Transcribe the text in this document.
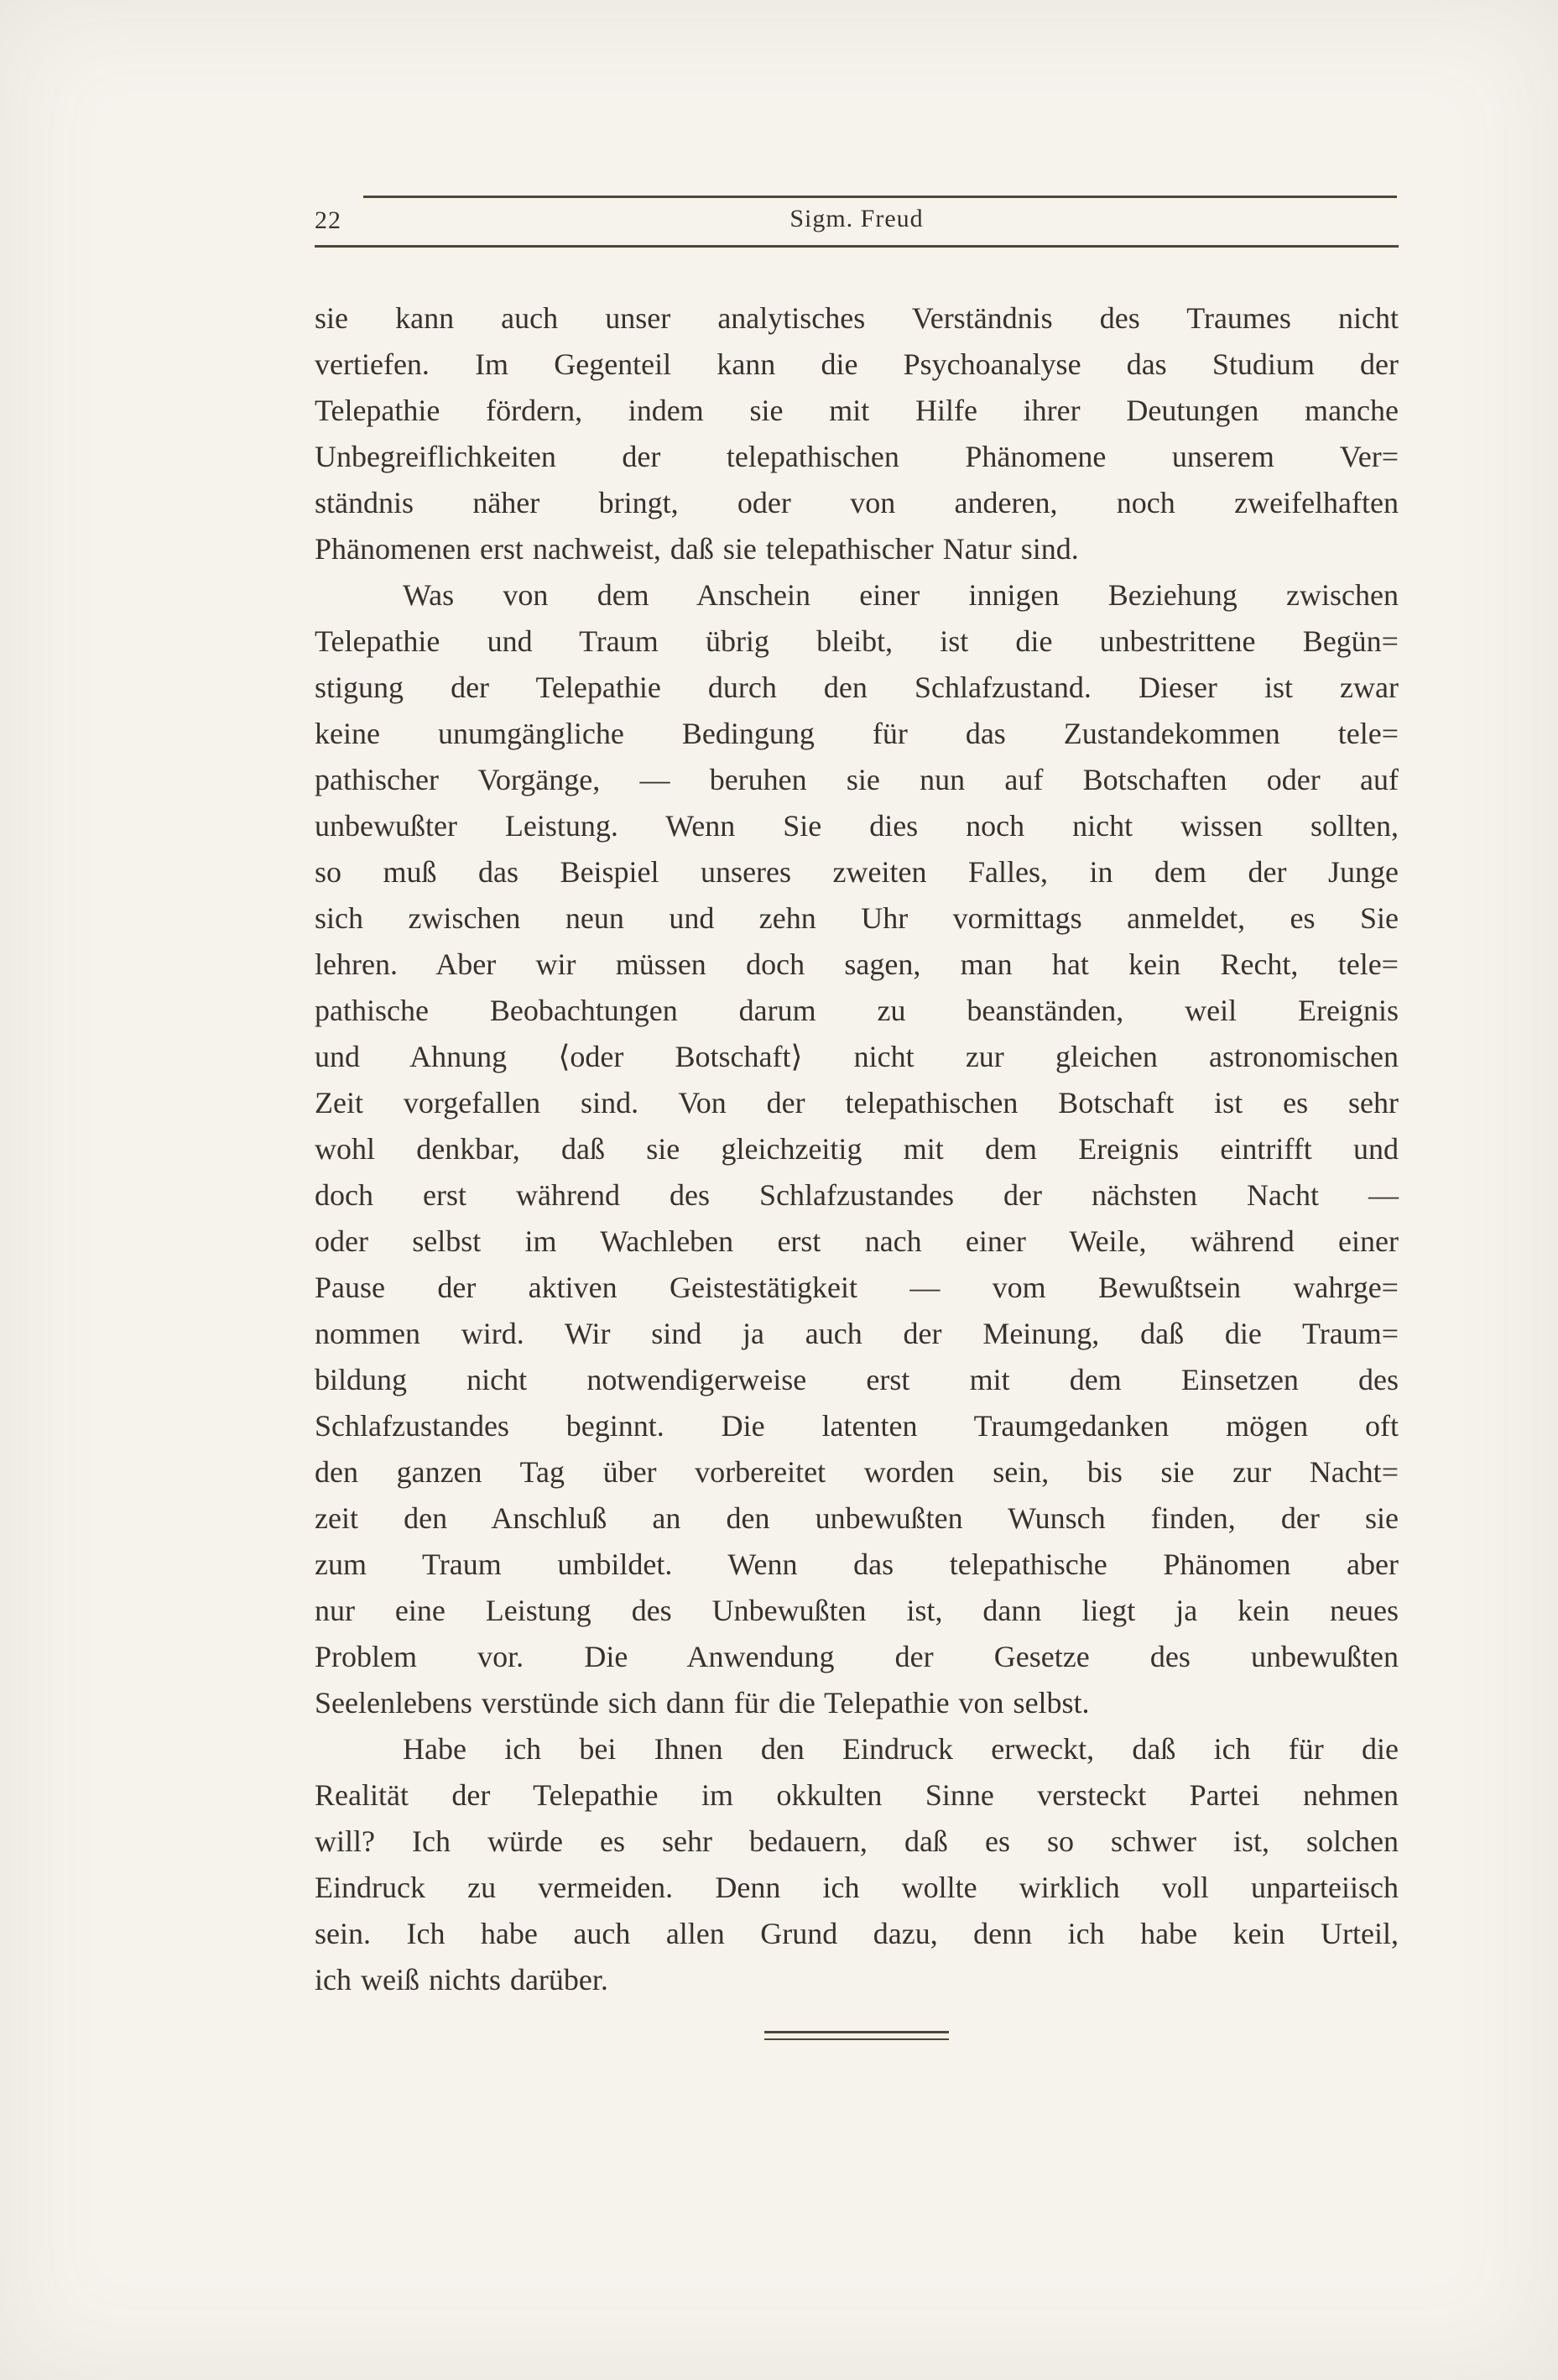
22	Sigm. Freud
sie kann auch unser analytisches Verständnis des Traumes nicht
vertiefen. Im Gegenteil kann die Psychoanalyse das Studium der
Telepathie fördern, indem sie mit Hilfe ihrer Deutungen manche
Unbegreiflichkeiten der telepathischen Phänomene unserem Ver=
ständnis näher bringt, oder von anderen, noch zweifelhaften
Phänomenen erst nachweist, daß sie telepathischer Natur sind.
Was von dem Anschein einer innigen Beziehung zwischen
Telepathie und Traum übrig bleibt, ist die unbestrittene Begün=
stigung der Telepathie durch den Schlafzustand. Dieser ist zwar
keine unumgängliche Bedingung für das Zustandekommen tele=
pathischer Vorgänge, — beruhen sie nun auf Botschaften oder auf
unbewußter Leistung. Wenn Sie dies noch nicht wissen sollten,
so muß das Beispiel unseres zweiten Falles, in dem der Junge
sich zwischen neun und zehn Uhr vormittags anmeldet, es Sie
lehren. Aber wir müssen doch sagen, man hat kein Recht, tele=
pathische Beobachtungen darum zu beanständen, weil Ereignis
und Ahnung ⟨oder Botschaft⟩ nicht zur gleichen astronomischen
Zeit vorgefallen sind. Von der telepathischen Botschaft ist es sehr
wohl denkbar, daß sie gleichzeitig mit dem Ereignis eintrifft und
doch erst während des Schlafzustandes der nächsten Nacht —
oder selbst im Wachleben erst nach einer Weile, während einer
Pause der aktiven Geistestätigkeit — vom Bewußtsein wahrge=
nommen wird. Wir sind ja auch der Meinung, daß die Traum=
bildung nicht notwendigerweise erst mit dem Einsetzen des
Schlafzustandes beginnt. Die latenten Traumgedanken mögen oft
den ganzen Tag über vorbereitet worden sein, bis sie zur Nacht=
zeit den Anschluß an den unbewußten Wunsch finden, der sie
zum Traum umbildet. Wenn das telepathische Phänomen aber
nur eine Leistung des Unbewußten ist, dann liegt ja kein neues
Problem vor. Die Anwendung der Gesetze des unbewußten
Seelenlebens verstünde sich dann für die Telepathie von selbst.
Habe ich bei Ihnen den Eindruck erweckt, daß ich für die
Realität der Telepathie im okkulten Sinne versteckt Partei nehmen
will? Ich würde es sehr bedauern, daß es so schwer ist, solchen
Eindruck zu vermeiden. Denn ich wollte wirklich voll unparteiisch
sein. Ich habe auch allen Grund dazu, denn ich habe kein Urteil,
ich weiß nichts darüber.
